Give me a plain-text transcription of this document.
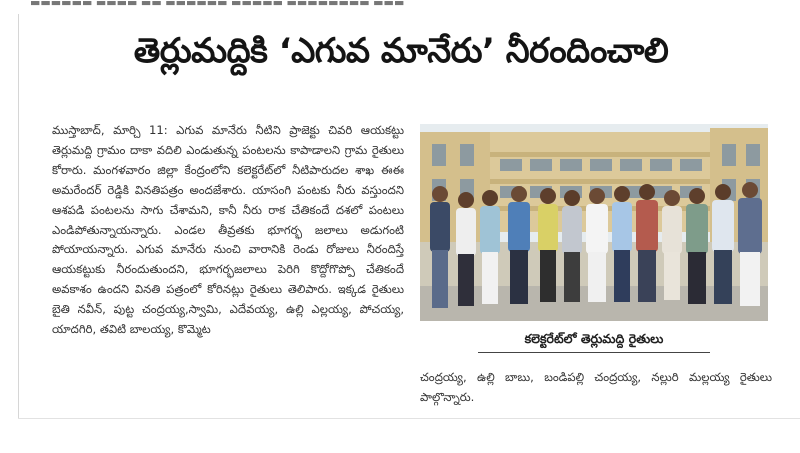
▬▬▬▬▬▬ ▬▬▬▬ ▬▬ ▬▬▬▬▬▬ ▬▬▬▬▬ ▬▬▬▬▬▬▬▬ ▬▬▬
తెర్లుమద్దికి ‘ఎగువ మానేరు’ నీరందించాలి

ముస్తాబాద్, మార్చి 11: ఎగువ మానేరు నీటిని ప్రాజెక్టు చివరి ఆయకట్టు తెర్లుమద్ది గ్రామం దాకా వదిలి ఎండుతున్న పంటలను కాపాడాలని గ్రామ రైతులు కోరారు. మంగళవారం జిల్లా కేంద్రంలోని కలెక్టరేట్‌లో నీటిపారుదల శాఖ ఈఈ అమరేందర్ రెడ్డికి వినతిపత్రం అందజేశారు. యాసంగి పంటకు నీరు వస్తుందని ఆశపడి పంటలను సాగు చేశామని, కానీ నీరు రాక చేతికందే దశలో పంటలు ఎండిపోతున్నాయన్నారు. ఎండల తీవ్రతకు భూగర్భ జలాలు అడుగంటి పోయాయన్నారు. ఎగువ మానేరు నుంచి వారానికి రెండు రోజులు నీరందిస్తే ఆయకట్టుకు నీరందుతుందని, భూగర్భజలాలు పెరిగి కొద్దోగొప్పో చేతికందే అవకాశం ఉందని వినతి పత్రంలో కోరినట్లు రైతులు తెలిపారు. ఇక్కడ రైతులు బైతి నవీన్, పుట్ట చంద్రయ్య,స్వామి, ఎదేవయ్య, ఉల్లి ఎల్లయ్య, పోచయ్య, యాదగిరి, తవిటి బాలయ్య, కొమ్మెట

కలెక్టరేట్‌లో తెర్లుమద్ది రైతులు

చంద్రయ్య, ఉల్లి బాబు, బండిపల్లి చంద్రయ్య, నల్లురి మల్లయ్య రైతులు పాల్గొన్నారు.
